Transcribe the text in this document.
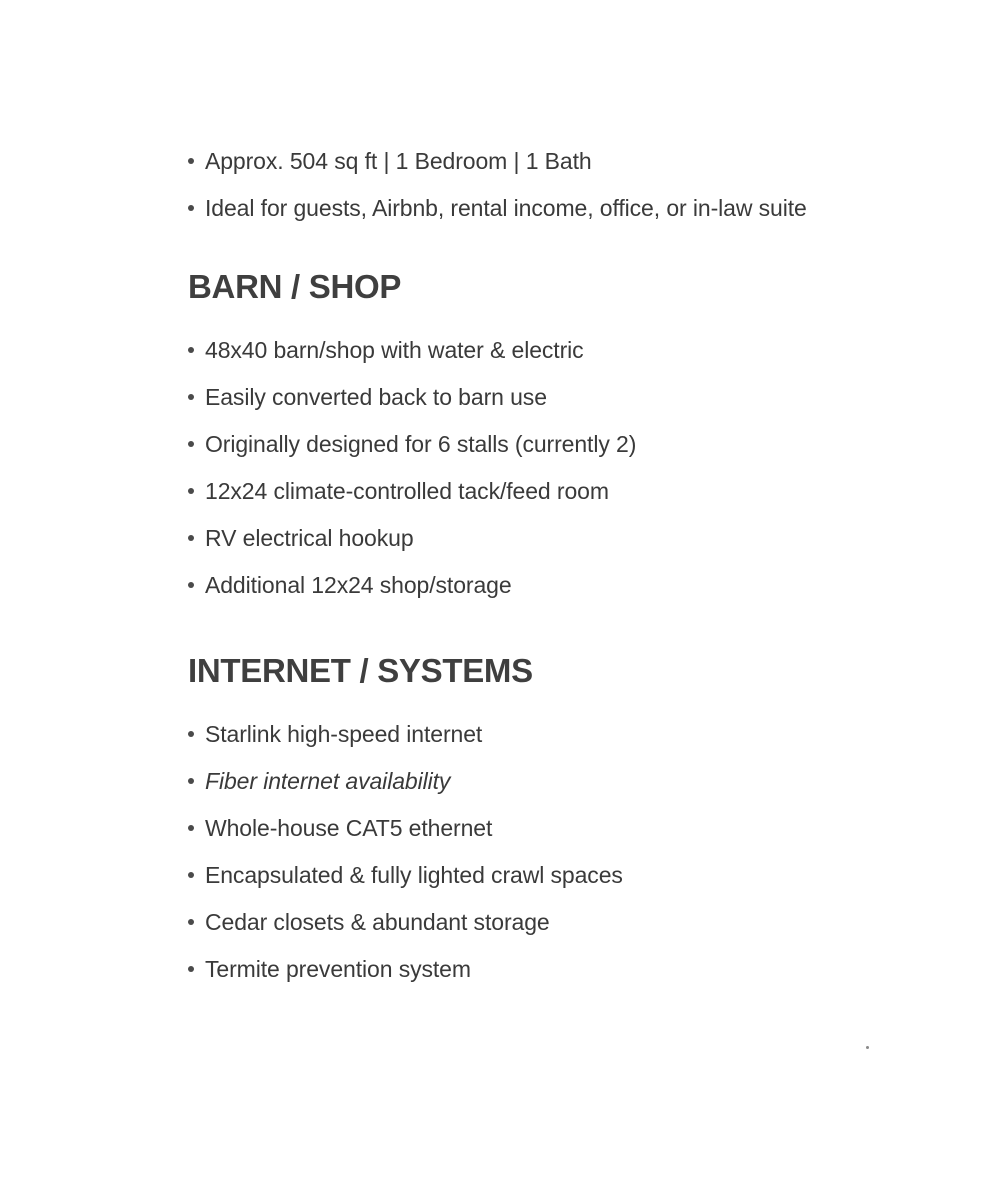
Approx. 504 sq ft | 1 Bedroom | 1 Bath
Ideal for guests, Airbnb, rental income, office, or in-law suite
BARN / SHOP
48x40 barn/shop with water & electric
Easily converted back to barn use
Originally designed for 6 stalls (currently 2)
12x24 climate-controlled tack/feed room
RV electrical hookup
Additional 12x24 shop/storage
INTERNET / SYSTEMS
Starlink high-speed internet
Fiber internet availability
Whole-house CAT5 ethernet
Encapsulated & fully lighted crawl spaces
Cedar closets & abundant storage
Termite prevention system
